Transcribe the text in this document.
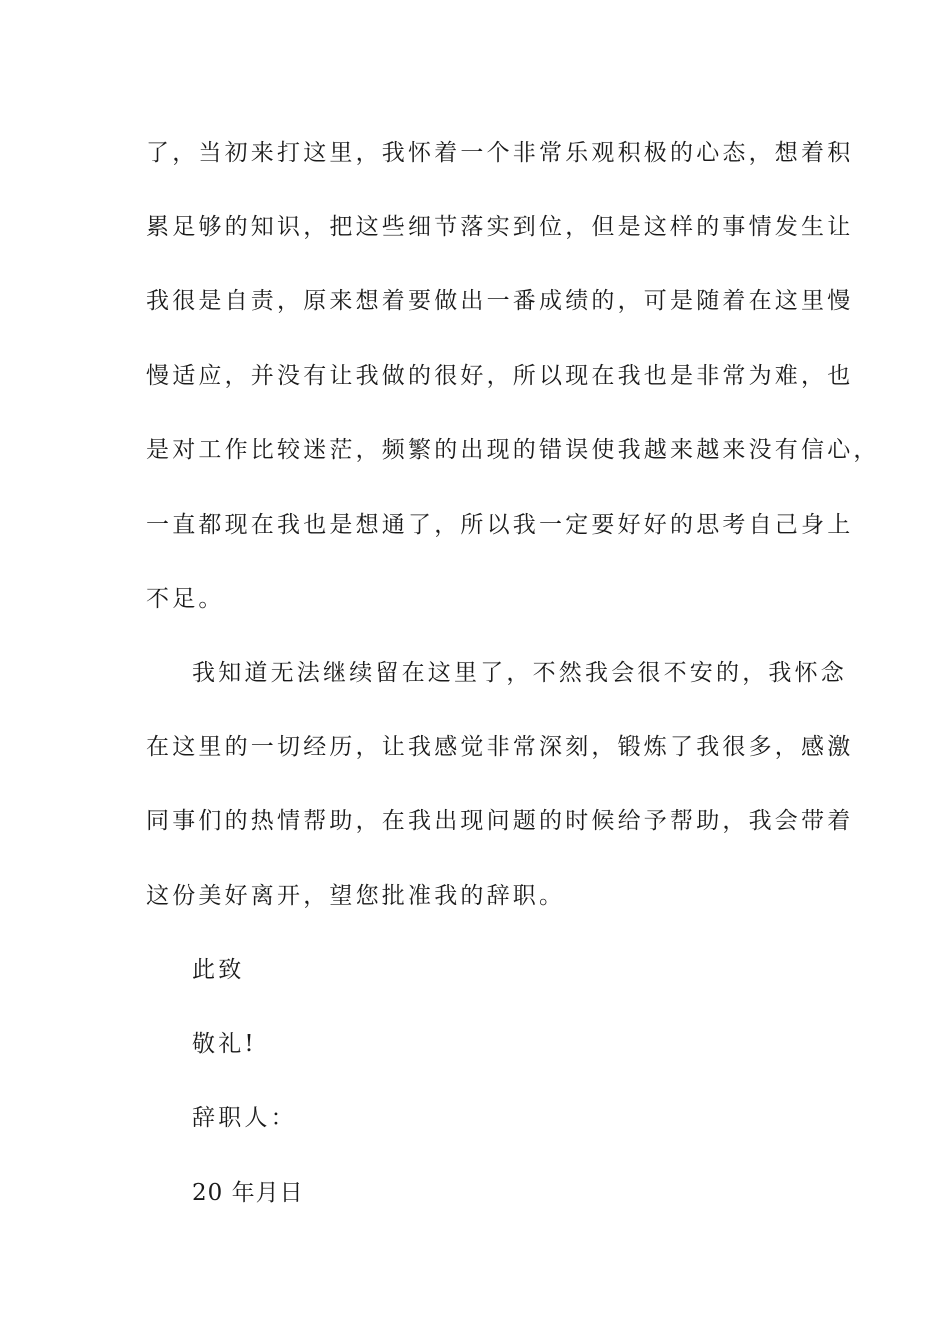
了，当初来打这里，我怀着一个非常乐观积极的心态，想着积
累足够的知识，把这些细节落实到位，但是这样的事情发生让
我很是自责，原来想着要做出一番成绩的，可是随着在这里慢
慢适应，并没有让我做的很好，所以现在我也是非常为难，也
是对工作比较迷茫，频繁的出现的错误使我越来越来没有信心，
一直都现在我也是想通了，所以我一定要好好的思考自己身上
不足。
我知道无法继续留在这里了，不然我会很不安的，我怀念
在这里的一切经历，让我感觉非常深刻，锻炼了我很多，感激
同事们的热情帮助，在我出现问题的时候给予帮助，我会带着
这份美好离开，望您批准我的辞职。
此致
敬礼!
辞职人：
20 年月日
